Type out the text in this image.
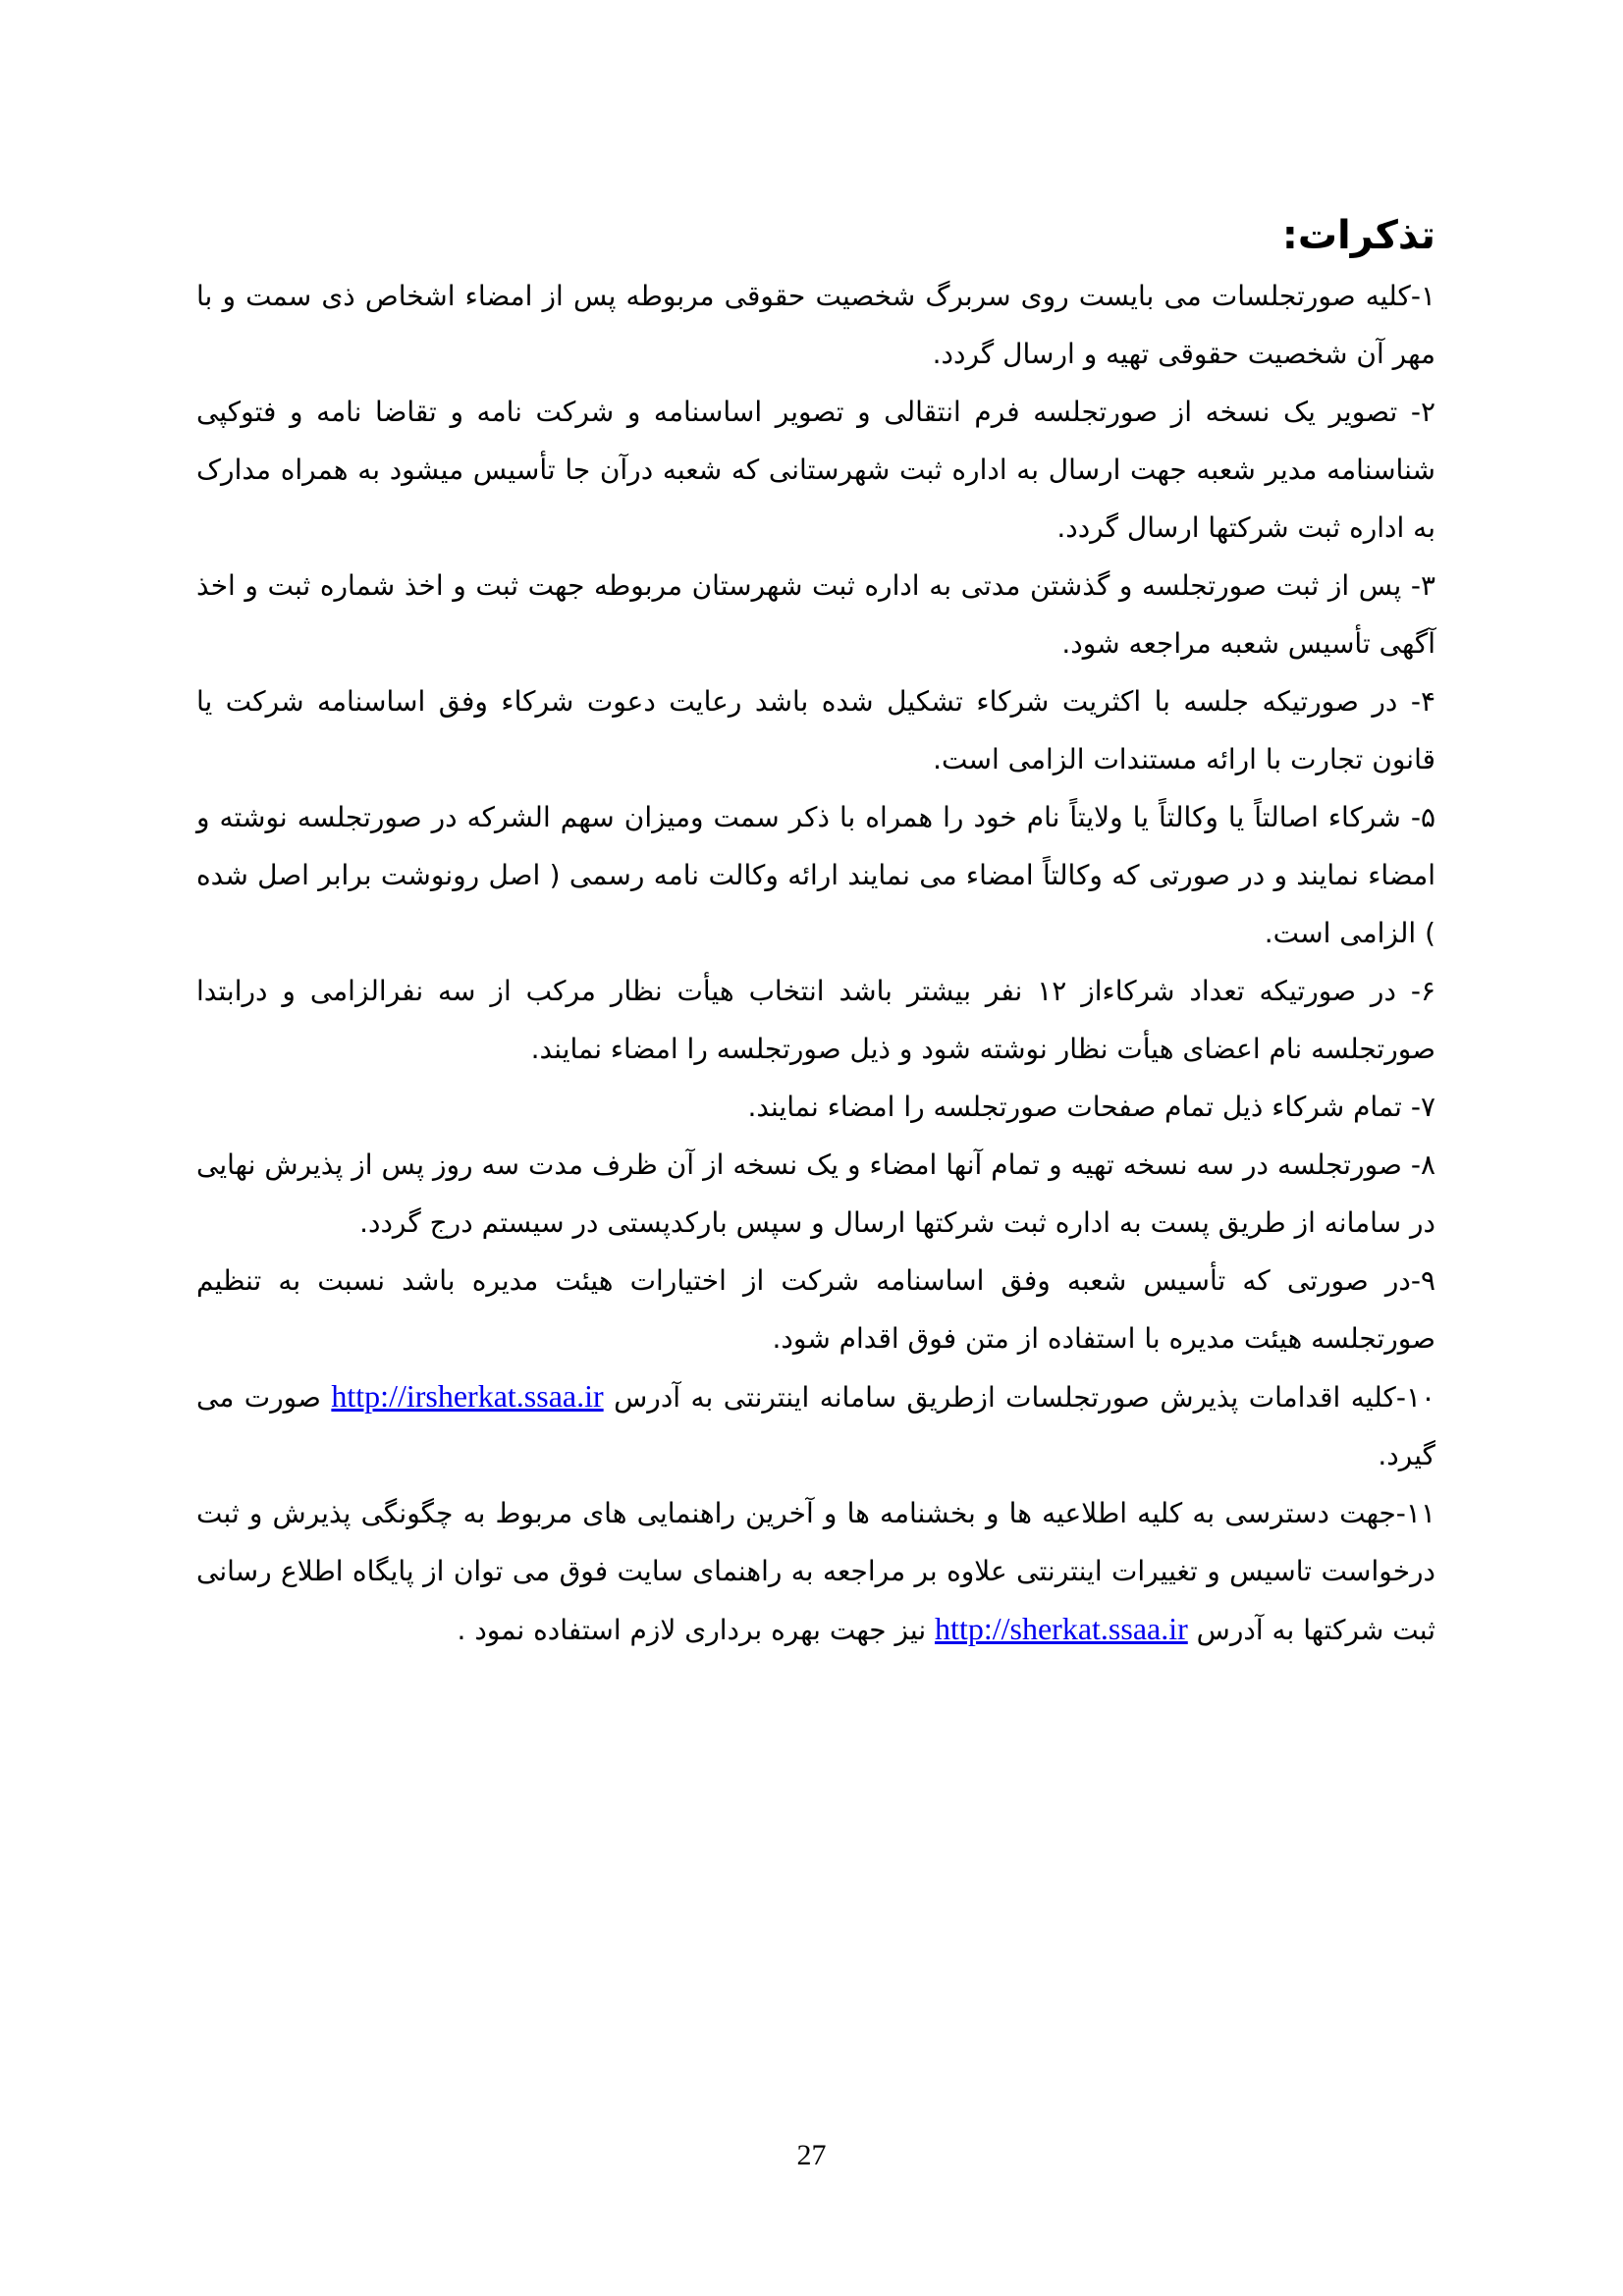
تذکرات:

۱-کلیه صورتجلسات می بایست روی سربرگ شخصیت حقوقی مربوطه پس از امضاء اشخاص ذی سمت و با مهر آن شخصیت حقوقی تهیه و ارسال گردد.

۲- تصویر یک نسخه از صورتجلسه فرم انتقالی و تصویر اساسنامه و شرکت نامه و تقاضا نامه و فتوکپی شناسنامه مدیر شعبه جهت ارسال به اداره ثبت شهرستانی که شعبه درآن جا تأسیس میشود به همراه مدارک به اداره ثبت شرکتها ارسال گردد.

۳- پس از ثبت صورتجلسه و گذشتن مدتی به اداره ثبت شهرستان مربوطه جهت ثبت و اخذ شماره ثبت و اخذ آگهی تأسیس شعبه مراجعه شود.

۴- در صورتیکه جلسه با اکثریت شرکاء تشکیل شده باشد رعایت دعوت شرکاء وفق اساسنامه شرکت یا قانون تجارت با ارائه مستندات الزامی است.

۵- شرکاء اصالتاً یا وکالتاً یا ولایتاً نام خود را همراه با ذکر سمت ومیزان سهم الشرکه در صورتجلسه نوشته و امضاء نمایند و در صورتی که وکالتاً امضاء می نمایند ارائه وکالت نامه رسمی ( اصل رونوشت برابر اصل شده ) الزامی است.

۶- در صورتیکه تعداد شرکاءاز ۱۲ نفر بیشتر باشد انتخاب هیأت نظار مرکب از سه نفرالزامی و درابتدا صورتجلسه نام اعضای هیأت نظار نوشته شود و ذیل صورتجلسه را امضاء نمایند.

۷- تمام شرکاء ذیل تمام صفحات صورتجلسه را امضاء نمایند.

۸- صورتجلسه در سه نسخه تهیه و تمام آنها امضاء و یک نسخه از آن ظرف مدت سه روز پس از پذیرش نهایی در سامانه از طریق پست به اداره ثبت شرکتها ارسال و سپس بارکدپستی در سیستم درج گردد.

۹-در صورتی که تأسیس شعبه وفق اساسنامه شرکت از اختیارات هیئت مدیره باشد نسبت به تنظیم صورتجلسه هیئت مدیره با استفاده از متن فوق اقدام شود.

۱۰-کلیه اقدامات پذیرش صورتجلسات ازطریق سامانه اینترنتی به آدرس http://irsherkat.ssaa.ir صورت می گیرد.

۱۱-جهت دسترسی به کلیه اطلاعیه ها و بخشنامه ها و آخرین راهنمایی های مربوط به چگونگی پذیرش و ثبت درخواست تاسیس و تغییرات اینترنتی علاوه بر مراجعه به راهنمای سایت فوق می توان از پایگاه اطلاع رسانی ثبت شرکتها به آدرس http://sherkat.ssaa.ir نیز جهت بهره برداری لازم استفاده نمود .

27
